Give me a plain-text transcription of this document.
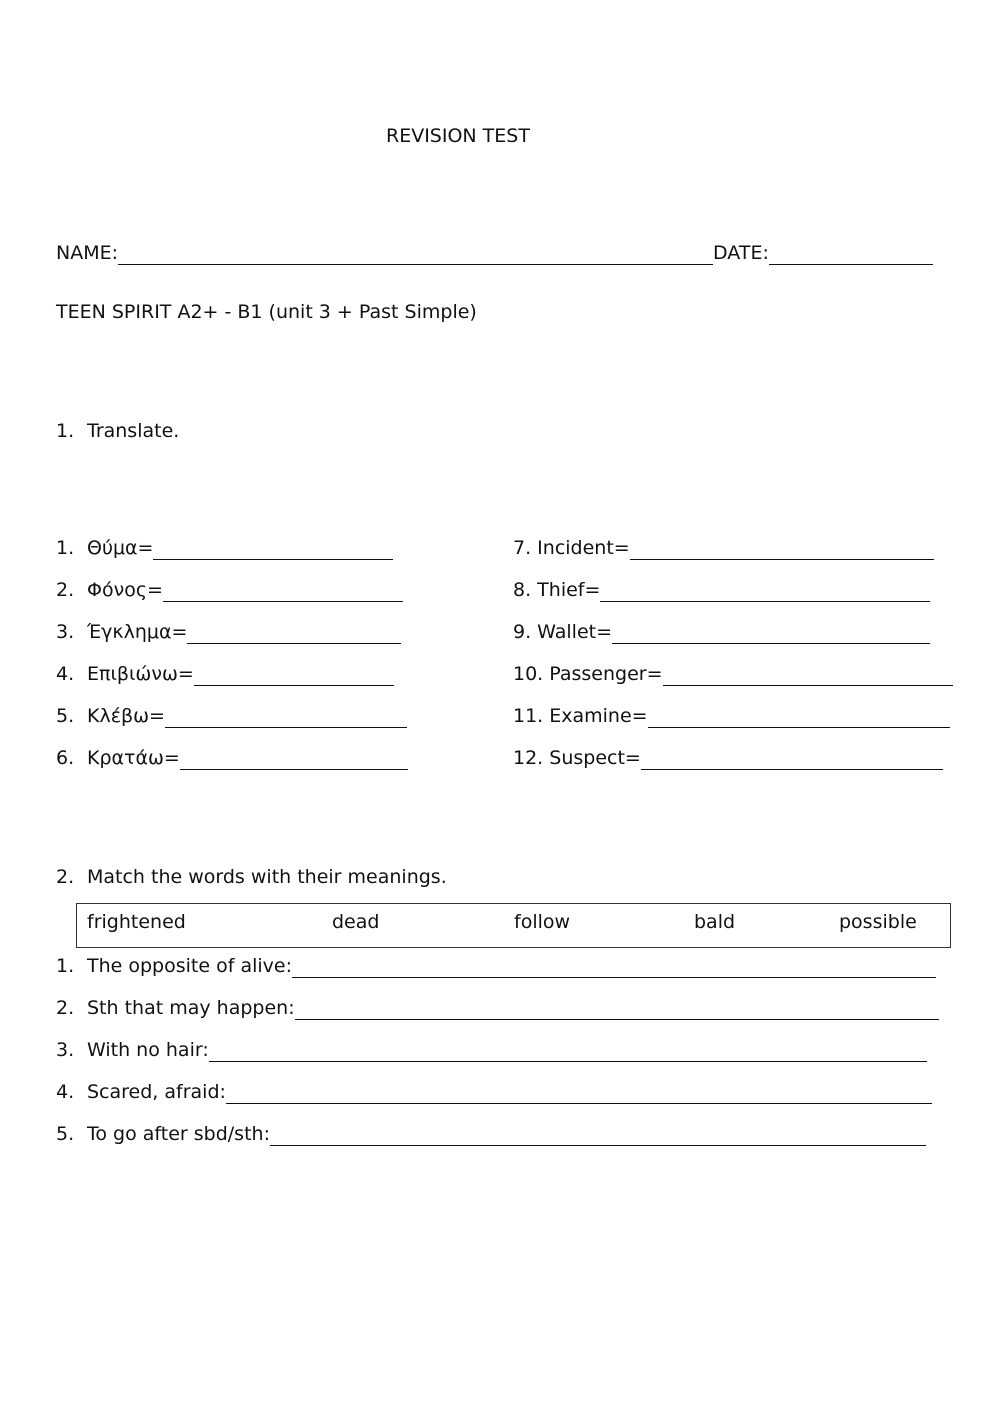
REVISION TEST
NAME:	DATE:
TEEN SPIRIT A2+ - B1 (unit 3 + Past Simple)
1. Translate.
1. Θύμα=
2. Φόνος=
3. Έγκλημα=
4. Επιβιώνω=
5. Κλέβω=
6. Κρατάω=
7. Incident=
8. Thief=
9. Wallet=
10. Passenger=
11. Examine=
12. Suspect=
2. Match the words with their meanings.
frightened	dead	follow	bald	possible
1. The opposite of alive:
2. Sth that may happen:
3. With no hair:
4. Scared, afraid:
5. To go after sbd/sth:
